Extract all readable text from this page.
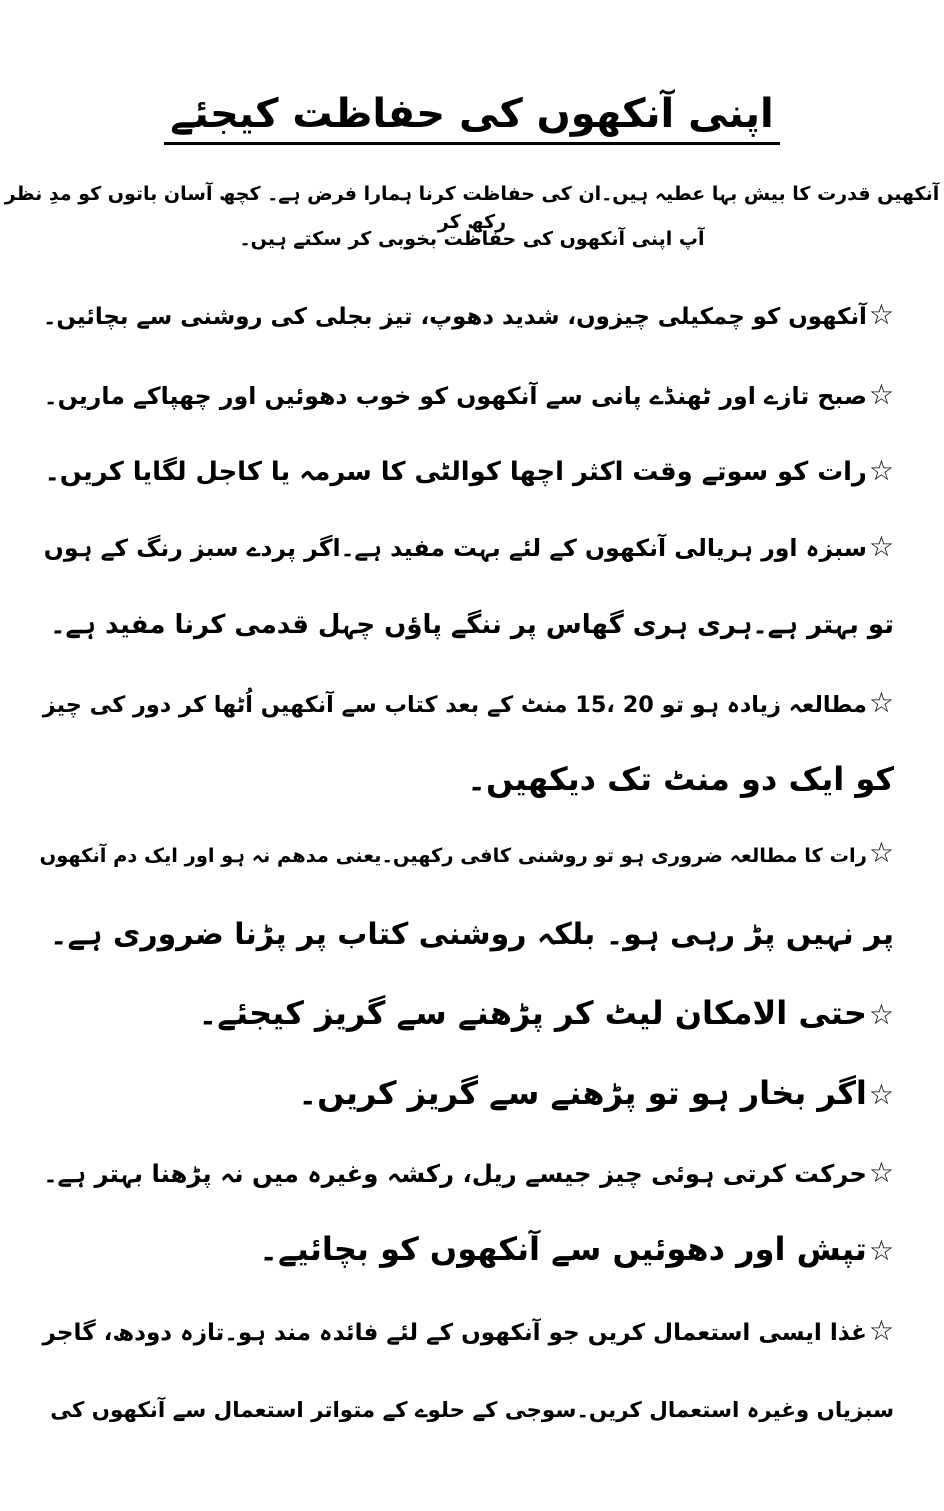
اپنی آنکھوں کی حفاظت کیجئے
آنکھیں قدرت کا بیش بہا عطیہ ہیں۔ان کی حفاظت کرنا ہمارا فرض ہے۔ کچھ آسان باتوں کو مدِ نظر رکھ کر
آپ اپنی آنکھوں کی حفاظت بخوبی کر سکتے ہیں۔
☆آنکھوں کو چمکیلی چیزوں، شدید دھوپ، تیز بجلی کی روشنی سے بچائیں۔
☆صبح تازے اور ٹھنڈے پانی سے آنکھوں کو خوب دھوئیں اور چھپاکے ماریں۔
☆رات کو سوتے وقت اکثر اچھا کوالٹی کا سرمہ یا کاجل لگایا کریں۔
☆سبزہ اور ہریالی آنکھوں کے لئے بہت مفید ہے۔اگر پردے سبز رنگ کے ہوں
تو بہتر ہے۔ہری ہری گھاس پر ننگے پاؤں چہل قدمی کرنا مفید ہے۔
☆مطالعہ زیادہ ہو تو 20 ،15 منٹ کے بعد کتاب سے آنکھیں اُٹھا کر دور کی چیز
کو ایک دو منٹ تک دیکھیں۔
☆رات کا مطالعہ ضروری ہو تو روشنی کافی رکھیں۔یعنی مدھم نہ ہو اور ایک دم آنکھوں
پر نہیں پڑ رہی ہو۔ بلکہ روشنی کتاب پر پڑنا ضروری ہے۔
☆حتی الامکان لیٹ کر پڑھنے سے گریز کیجئے۔
☆اگر بخار ہو تو پڑھنے سے گریز کریں۔
☆حرکت کرتی ہوئی چیز جیسے ریل، رکشہ وغیرہ میں نہ پڑھنا بہتر ہے۔
☆تپش اور دھوئیں سے آنکھوں کو بچائیے۔
☆غذا ایسی استعمال کریں جو آنکھوں کے لئے فائدہ مند ہو۔تازہ دودھ، گاجر
سبزیاں وغیرہ استعمال کریں۔سوجی کے حلوے کے متواتر استعمال سے آنکھوں کی
